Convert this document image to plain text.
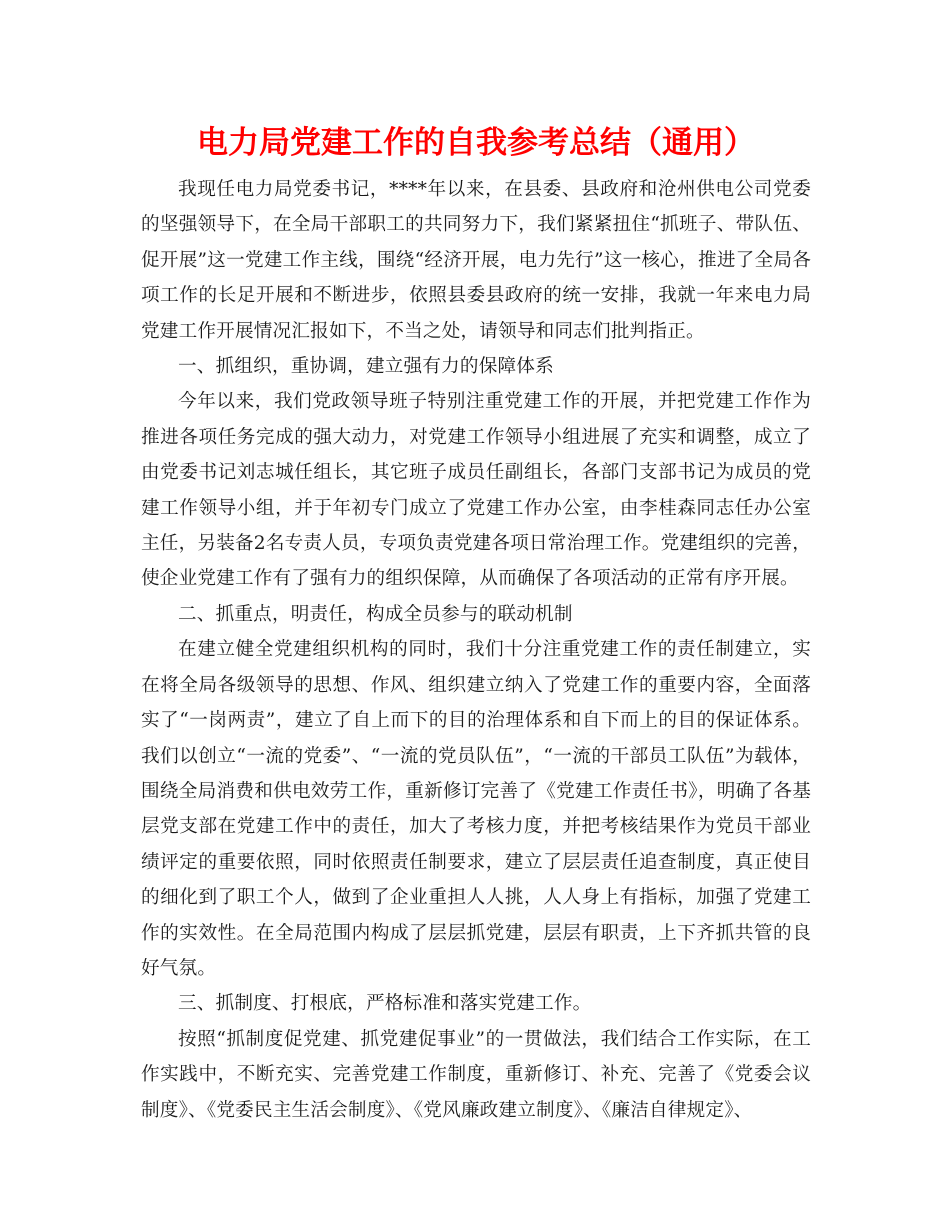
电力局党建工作的自我参考总结（通用）

我现任电力局党委书记，****年以来，在县委、县政府和沧州供电公司党委的坚强领导下，在全局干部职工的共同努力下，我们紧紧扭住“抓班子、带队伍、促开展”这一党建工作主线，围绕“经济开展，电力先行”这一核心，推进了全局各项工作的长足开展和不断进步，依照县委县政府的统一安排，我就一年来电力局党建工作开展情况汇报如下，不当之处，请领导和同志们批判指正。

一、抓组织，重协调，建立强有力的保障体系

今年以来，我们党政领导班子特别注重党建工作的开展，并把党建工作作为推进各项任务完成的强大动力，对党建工作领导小组进展了充实和调整，成立了由党委书记刘志城任组长，其它班子成员任副组长，各部门支部书记为成员的党建工作领导小组，并于年初专门成立了党建工作办公室，由李桂森同志任办公室主任，另装备2名专责人员，专项负责党建各项日常治理工作。党建组织的完善，使企业党建工作有了强有力的组织保障，从而确保了各项活动的正常有序开展。

二、抓重点，明责任，构成全员参与的联动机制

在建立健全党建组织机构的同时，我们十分注重党建工作的责任制建立，实在将全局各级领导的思想、作风、组织建立纳入了党建工作的重要内容，全面落实了“一岗两责”，建立了自上而下的目的治理体系和自下而上的目的保证体系。我们以创立“一流的党委”、“一流的党员队伍”，“一流的干部员工队伍”为载体，围绕全局消费和供电效劳工作，重新修订完善了《党建工作责任书》，明确了各基层党支部在党建工作中的责任，加大了考核力度，并把考核结果作为党员干部业绩评定的重要依照，同时依照责任制要求，建立了层层责任追查制度，真正使目的细化到了职工个人，做到了企业重担人人挑，人人身上有指标，加强了党建工作的实效性。在全局范围内构成了层层抓党建，层层有职责，上下齐抓共管的良好气氛。

三、抓制度、打根底，严格标准和落实党建工作。

按照“抓制度促党建、抓党建促事业”的一贯做法，我们结合工作实际，在工作实践中，不断充实、完善党建工作制度，重新修订、补充、完善了《党委会议制度》、《党委民主生活会制度》、《党风廉政建立制度》、《廉洁自律规定》、
